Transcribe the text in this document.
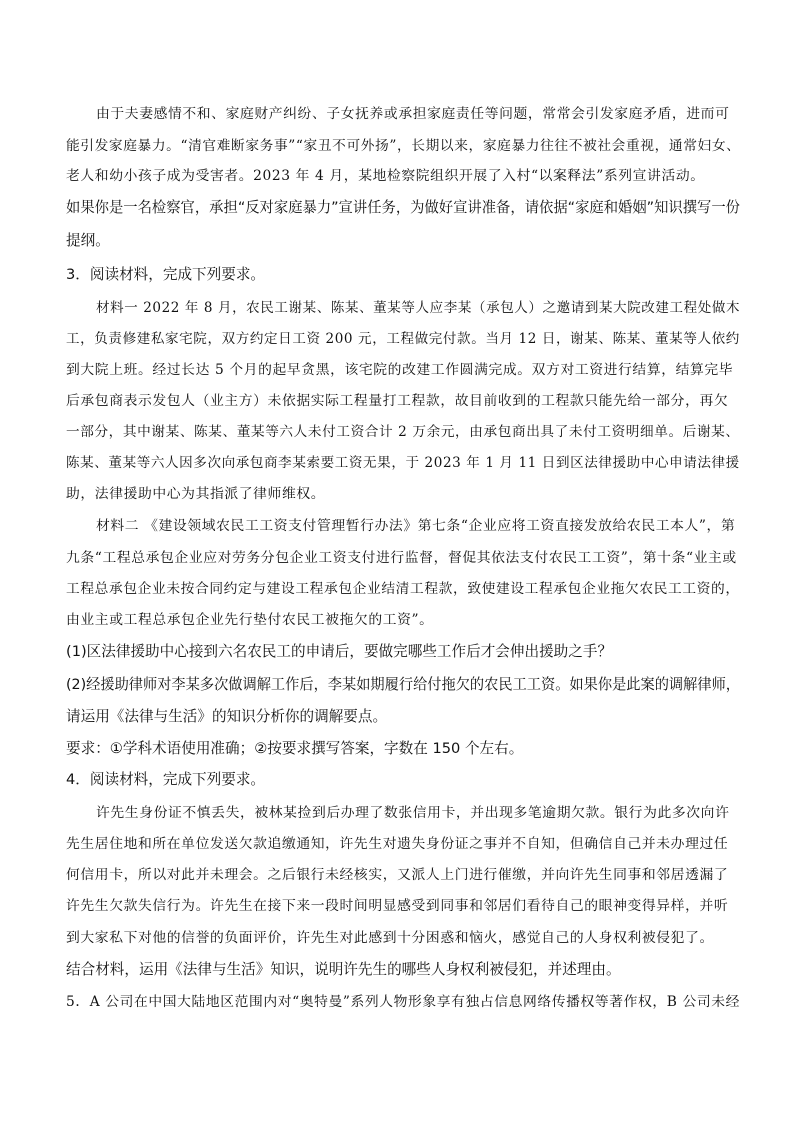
由于夫妻感情不和、家庭财产纠纷、子女抚养或承担家庭责任等问题，常常会引发家庭矛盾，进而可
能引发家庭暴力。“清官难断家务事”“家丑不可外扬”，长期以来，家庭暴力往往不被社会重视，通常妇女、
老人和幼小孩子成为受害者。2023 年 4 月，某地检察院组织开展了入村“以案释法”系列宣讲活动。
如果你是一名检察官，承担“反对家庭暴力”宣讲任务，为做好宣讲准备，请依据“家庭和婚姻”知识撰写一份
提纲。
3．阅读材料，完成下列要求。
材料一 2022 年 8 月，农民工谢某、陈某、董某等人应李某（承包人）之邀请到某大院改建工程处做木
工，负责修建私家宅院，双方约定日工资 200 元，工程做完付款。当月 12 日，谢某、陈某、董某等人依约
到大院上班。经过长达 5 个月的起早贪黑，该宅院的改建工作圆满完成。双方对工资进行结算，结算完毕
后承包商表示发包人（业主方）未依据实际工程量打工程款，故目前收到的工程款只能先给一部分，再欠
一部分，其中谢某、陈某、董某等六人未付工资合计 2 万余元，由承包商出具了未付工资明细单。后谢某、
陈某、董某等六人因多次向承包商李某索要工资无果，于 2023 年 1 月 11 日到区法律援助中心申请法律援
助，法律援助中心为其指派了律师维权。
材料二 《建设领域农民工工资支付管理暂行办法》第七条“企业应将工资直接发放给农民工本人”，第
九条“工程总承包企业应对劳务分包企业工资支付进行监督，督促其依法支付农民工工资”，第十条“业主或
工程总承包企业未按合同约定与建设工程承包企业结清工程款，致使建设工程承包企业拖欠农民工工资的，
由业主或工程总承包企业先行垫付农民工被拖欠的工资”。
(1)区法律援助中心接到六名农民工的申请后，要做完哪些工作后才会伸出援助之手？
(2)经援助律师对李某多次做调解工作后，李某如期履行给付拖欠的农民工工资。如果你是此案的调解律师，
请运用《法律与生活》的知识分析你的调解要点。
要求：①学科术语使用准确；②按要求撰写答案，字数在 150 个左右。
4．阅读材料，完成下列要求。
许先生身份证不慎丢失，被林某捡到后办理了数张信用卡，并出现多笔逾期欠款。银行为此多次向许
先生居住地和所在单位发送欠款追缴通知，许先生对遗失身份证之事并不自知，但确信自己并未办理过任
何信用卡，所以对此并未理会。之后银行未经核实，又派人上门进行催缴，并向许先生同事和邻居透漏了
许先生欠款失信行为。许先生在接下来一段时间明显感受到同事和邻居们看待自己的眼神变得异样，并听
到大家私下对他的信誉的负面评价，许先生对此感到十分困惑和恼火，感觉自己的人身权利被侵犯了。
结合材料，运用《法律与生活》知识，说明许先生的哪些人身权利被侵犯，并述理由。
5．A 公司在中国大陆地区范围内对“奥特曼”系列人物形象享有独占信息网络传播权等著作权，B 公司未经
